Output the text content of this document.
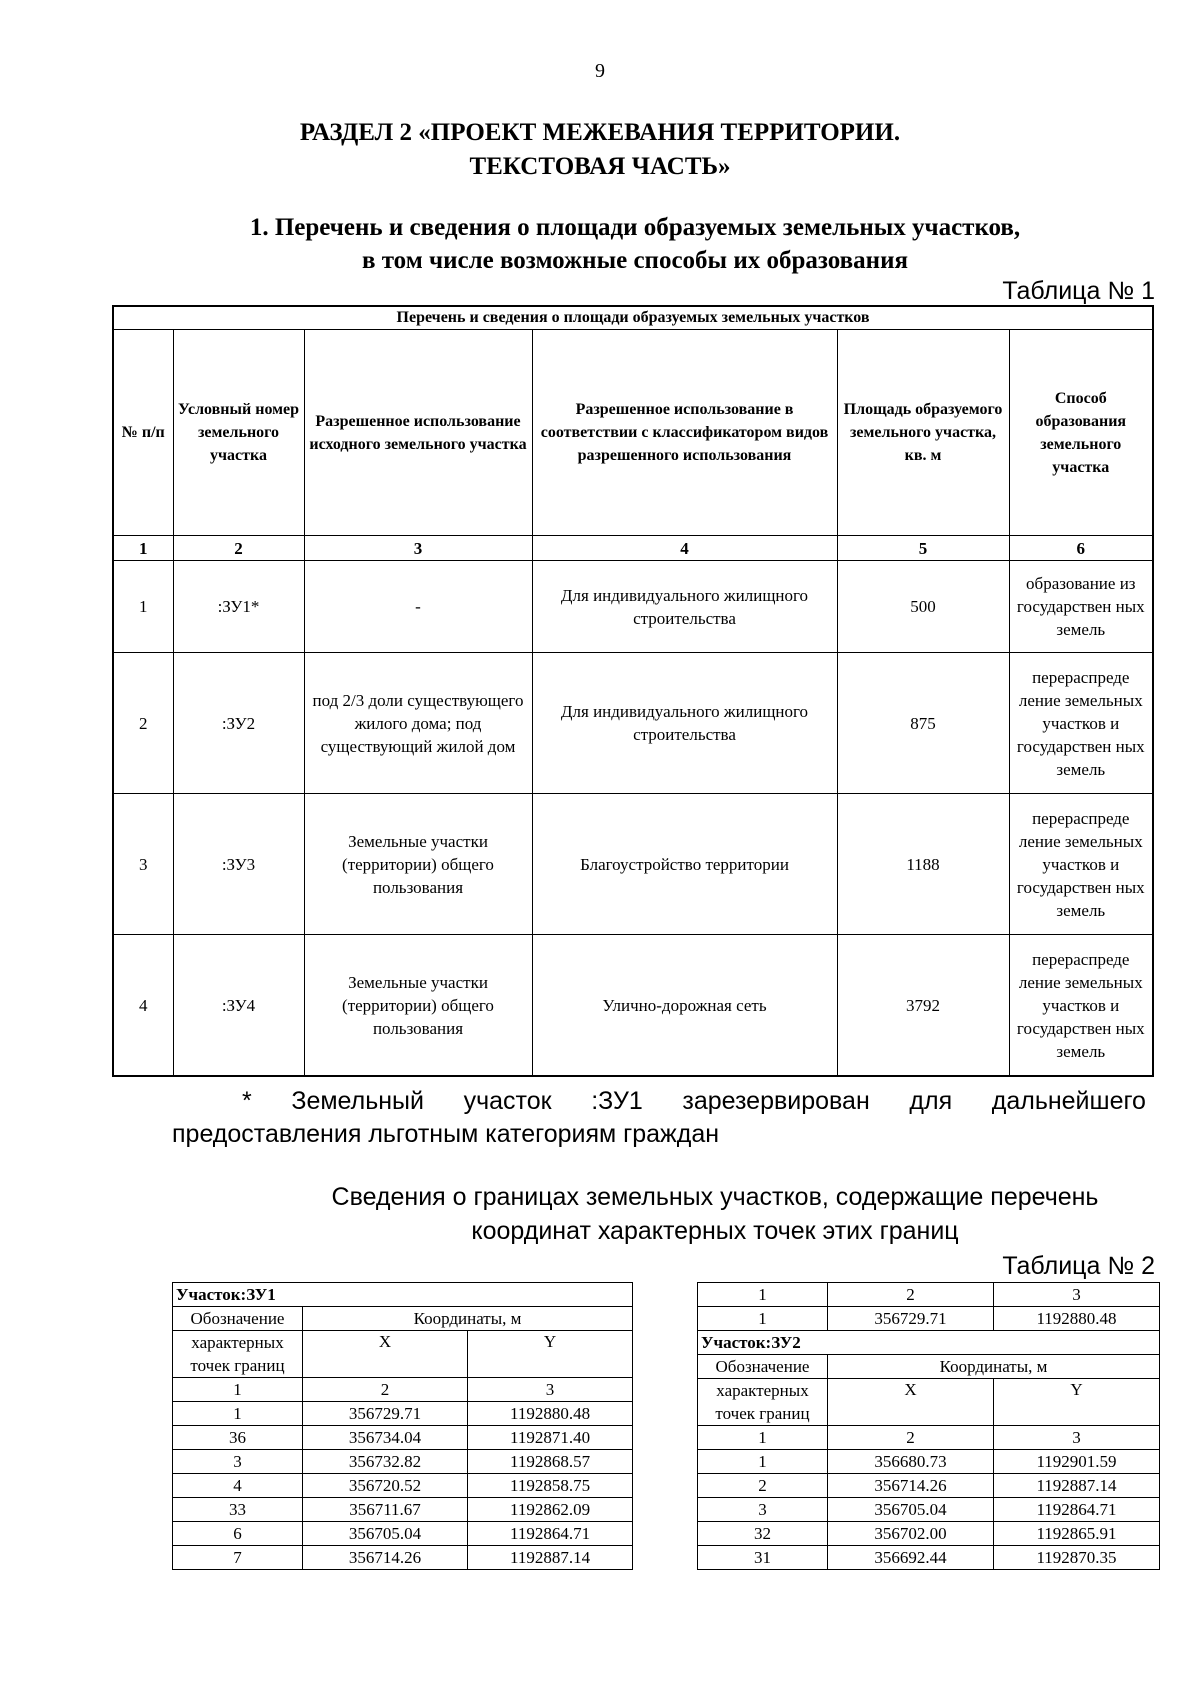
9
РАЗДЕЛ 2 «ПРОЕКТ МЕЖЕВАНИЯ ТЕРРИТОРИИ.
ТЕКСТОВАЯ ЧАСТЬ»
1. Перечень и сведения о площади образуемых земельных участков,
в том числе возможные способы их образования
Таблица № 1
Перечень и сведения о площади образуемых земельных участков					
№ п/п	Условный номер земельного участка	Разрешенное использование исходного земельного участка	Разрешенное использование в соответствии с классификатором видов разрешенного использования	Площадь образуемого земельного участка, кв. м	Способ образования земельного участка
1	2	3	4	5	6
1	:ЗУ1*	-	Для индивидуального жилищного строительства	500	образование из государствен ных земель
2	:ЗУ2	под 2/3 доли существующего жилого дома; под существующий жилой дом	Для индивидуального жилищного строительства	875	перераспреде ление земельных участков и государствен ных земель
3	:ЗУ3	Земельные участки (территории) общего пользования	Благоустройство территории	1188	перераспреде ление земельных участков и государствен ных земель
4	:ЗУ4	Земельные участки (территории) общего пользования	Улично-дорожная сеть	3792	перераспреде ление земельных участков и государствен ных земель
* Земельный участок :ЗУ1 зарезервирован для дальнейшего
предоставления льготным категориям граждан
Сведения о границах земельных участков, содержащие перечень
координат характерных точек этих границ
Таблица № 2
Участок:ЗУ1		
Обозначение	Координаты, м	
характерных	X	Y
точек границ		
1	2	3
1	356729.71	1192880.48
36	356734.04	1192871.40
3	356732.82	1192868.57
4	356720.52	1192858.75
33	356711.67	1192862.09
6	356705.04	1192864.71
7	356714.26	1192887.14
1	2	3
1	356729.71	1192880.48
Участок:ЗУ2		
Обозначение	Координаты, м	
характерных	X	Y
точек границ		
1	2	3
1	356680.73	1192901.59
2	356714.26	1192887.14
3	356705.04	1192864.71
32	356702.00	1192865.91
31	356692.44	1192870.35
